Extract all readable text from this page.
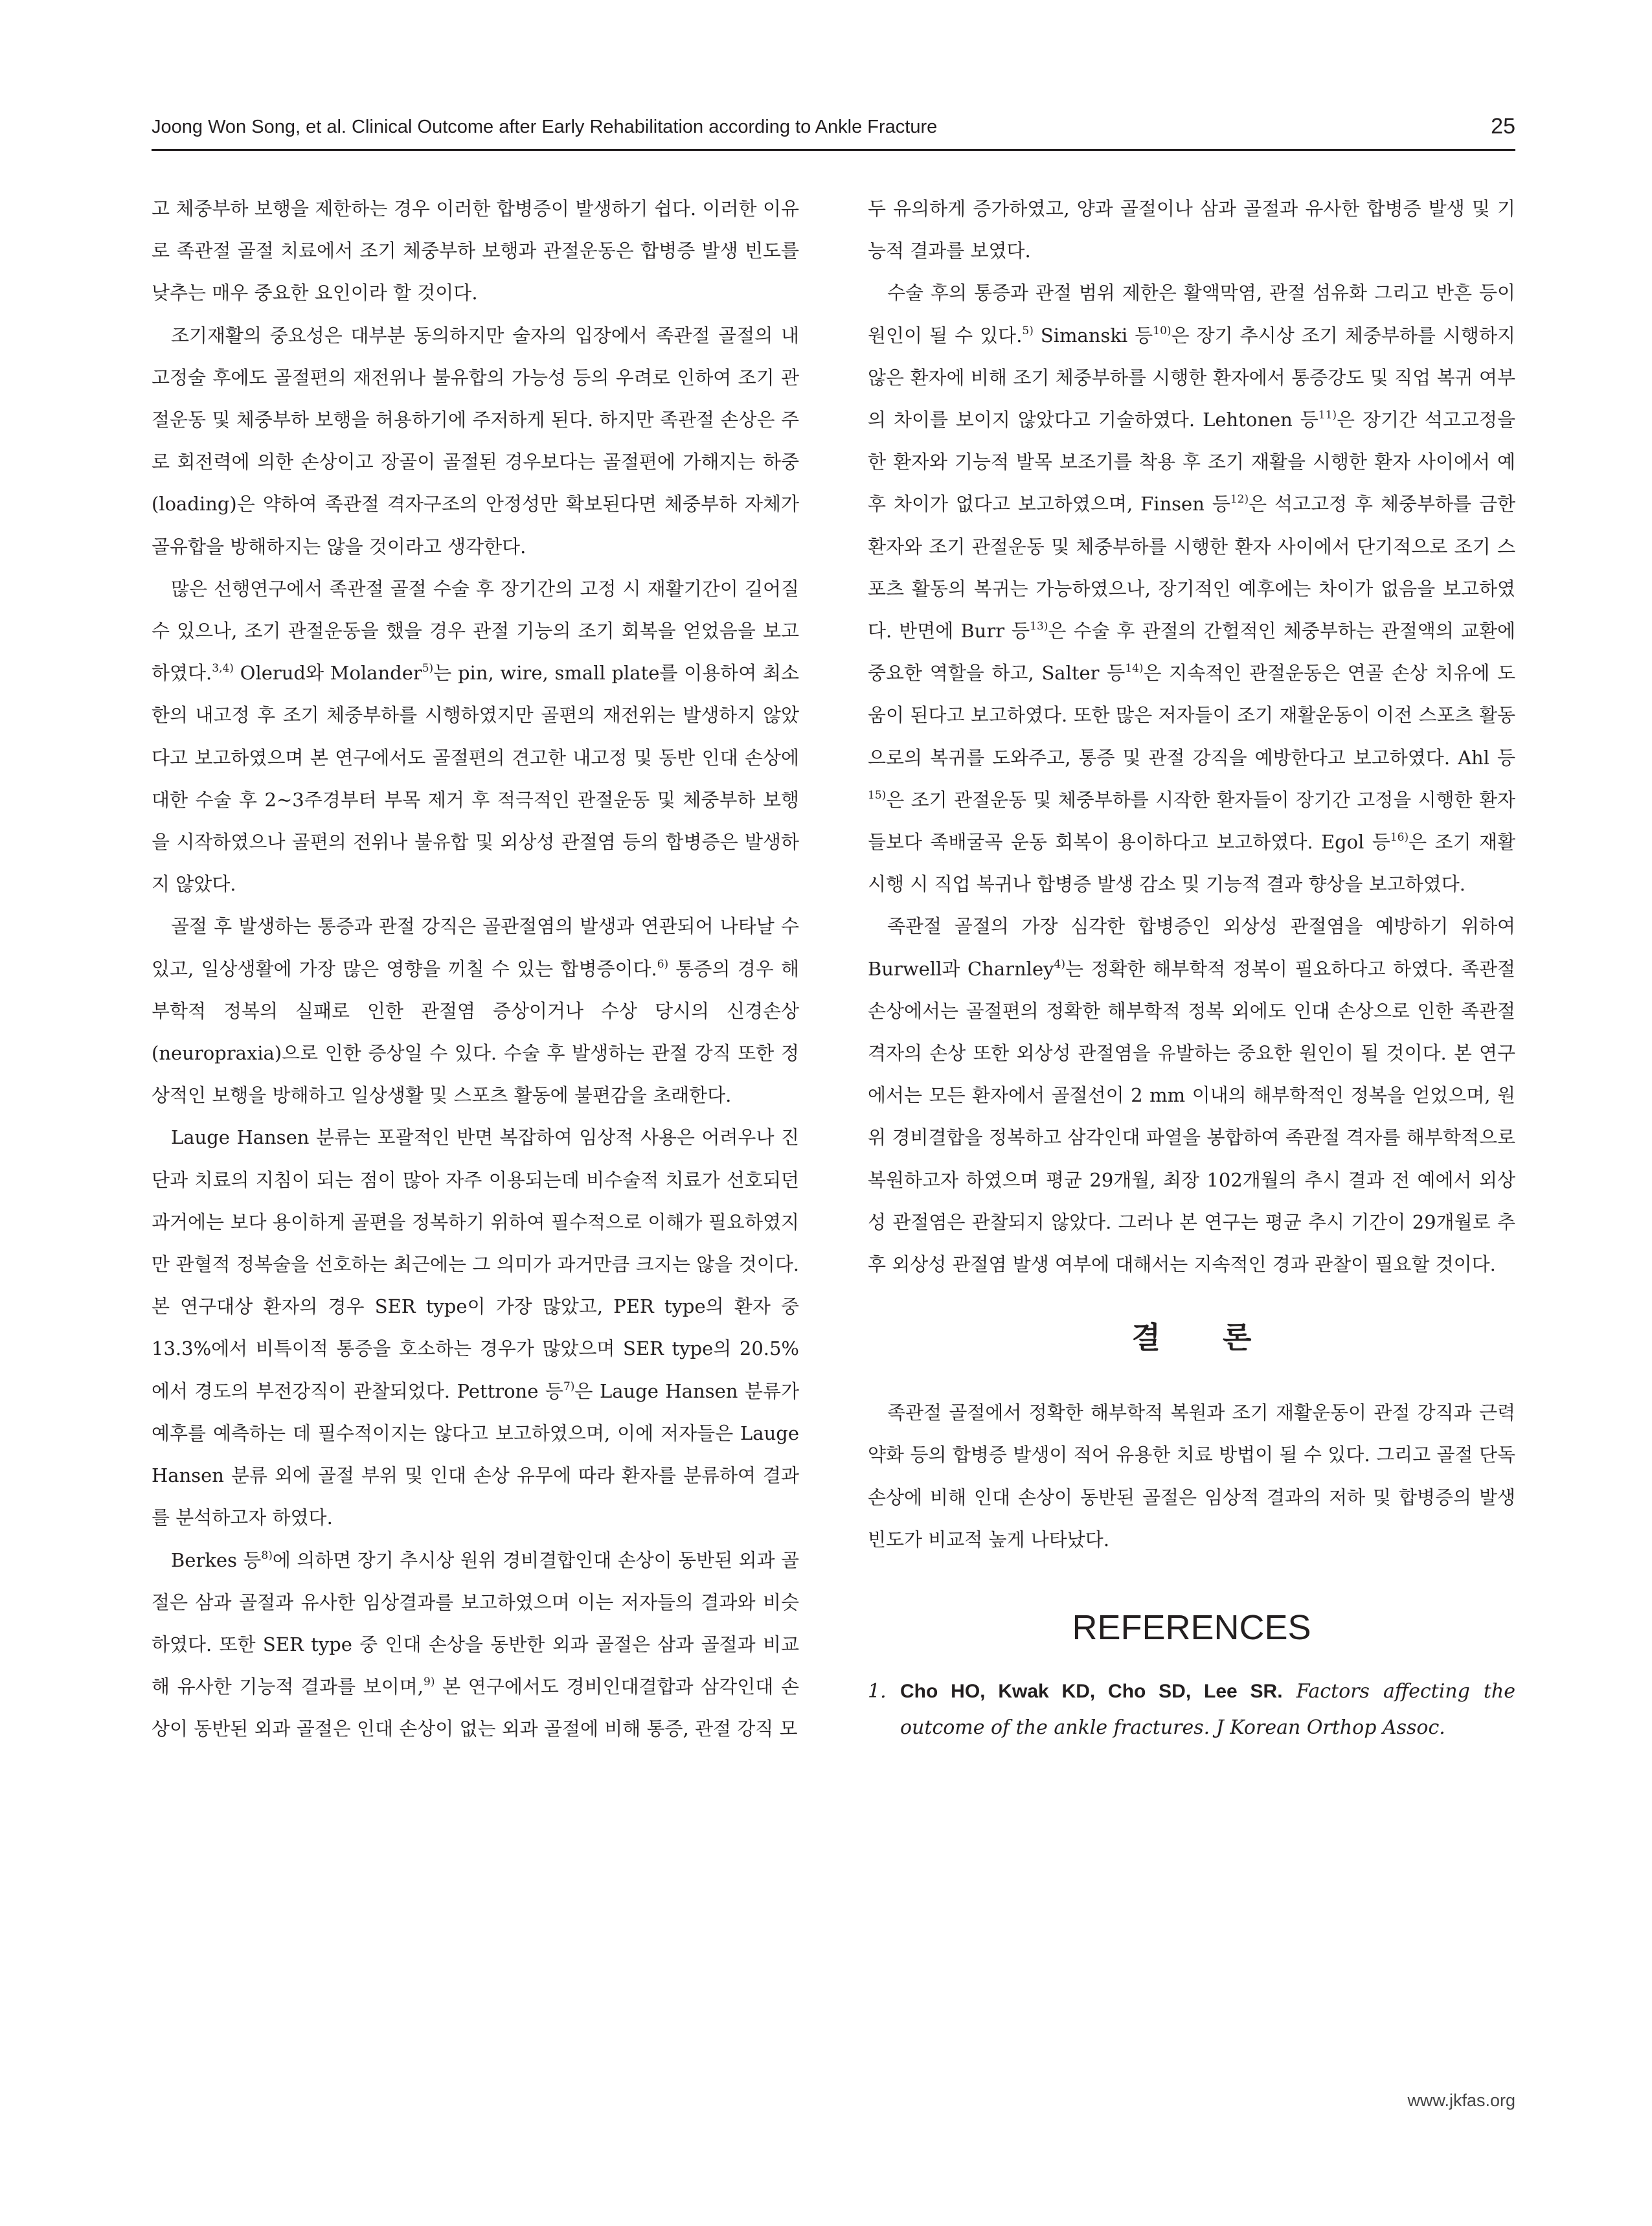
Joong Won Song, et al. Clinical Outcome after Early Rehabilitation according to Ankle Fracture	25

고 체중부하 보행을 제한하는 경우 이러한 합병증이 발생하기 쉽다. 이러한 이유로 족관절 골절 치료에서 조기 체중부하 보행과 관절운동은 합병증 발생 빈도를 낮추는 매우 중요한 요인이라 할 것이다.

조기재활의 중요성은 대부분 동의하지만 술자의 입장에서 족관절 골절의 내고정술 후에도 골절편의 재전위나 불유합의 가능성 등의 우려로 인하여 조기 관절운동 및 체중부하 보행을 허용하기에 주저하게 된다. 하지만 족관절 손상은 주로 회전력에 의한 손상이고 장골이 골절된 경우보다는 골절편에 가해지는 하중(loading)은 약하여 족관절 격자구조의 안정성만 확보된다면 체중부하 자체가 골유합을 방해하지는 않을 것이라고 생각한다.

많은 선행연구에서 족관절 골절 수술 후 장기간의 고정 시 재활기간이 길어질 수 있으나, 조기 관절운동을 했을 경우 관절 기능의 조기 회복을 얻었음을 보고하였다.$^{3,4)}$ Olerud와 Molander$^{5)}$는 pin, wire, small plate를 이용하여 최소한의 내고정 후 조기 체중부하를 시행하였지만 골편의 재전위는 발생하지 않았다고 보고하였으며 본 연구에서도 골절편의 견고한 내고정 및 동반 인대 손상에 대한 수술 후 2~3주경부터 부목 제거 후 적극적인 관절운동 및 체중부하 보행을 시작하였으나 골편의 전위나 불유합 및 외상성 관절염 등의 합병증은 발생하지 않았다.

골절 후 발생하는 통증과 관절 강직은 골관절염의 발생과 연관되어 나타날 수 있고, 일상생활에 가장 많은 영향을 끼칠 수 있는 합병증이다.$^{6)}$ 통증의 경우 해부학적 정복의 실패로 인한 관절염 증상이거나 수상 당시의 신경손상(neuropraxia)으로 인한 증상일 수 있다. 수술 후 발생하는 관절 강직 또한 정상적인 보행을 방해하고 일상생활 및 스포츠 활동에 불편감을 초래한다.

Lauge Hansen 분류는 포괄적인 반면 복잡하여 임상적 사용은 어려우나 진단과 치료의 지침이 되는 점이 많아 자주 이용되는데 비수술적 치료가 선호되던 과거에는 보다 용이하게 골편을 정복하기 위하여 필수적으로 이해가 필요하였지만 관혈적 정복술을 선호하는 최근에는 그 의미가 과거만큼 크지는 않을 것이다. 본 연구대상 환자의 경우 SER type이 가장 많았고, PER type의 환자 중 13.3%에서 비특이적 통증을 호소하는 경우가 많았으며 SER type의 20.5%에서 경도의 부전강직이 관찰되었다. Pettrone 등$^{7)}$은 Lauge Hansen 분류가 예후를 예측하는 데 필수적이지는 않다고 보고하였으며, 이에 저자들은 Lauge Hansen 분류 외에 골절 부위 및 인대 손상 유무에 따라 환자를 분류하여 결과를 분석하고자 하였다.

Berkes 등$^{8)}$에 의하면 장기 추시상 원위 경비결합인대 손상이 동반된 외과 골절은 삼과 골절과 유사한 임상결과를 보고하였으며 이는 저자들의 결과와 비슷하였다. 또한 SER type 중 인대 손상을 동반한 외과 골절은 삼과 골절과 비교해 유사한 기능적 결과를 보이며,$^{9)}$ 본 연구에서도 경비인대결합과 삼각인대 손상이 동반된 외과 골절은 인대 손상이 없는 외과 골절에 비해 통증, 관절 강직 모

두 유의하게 증가하였고, 양과 골절이나 삼과 골절과 유사한 합병증 발생 및 기능적 결과를 보였다.

수술 후의 통증과 관절 범위 제한은 활액막염, 관절 섬유화 그리고 반흔 등이 원인이 될 수 있다.$^{5)}$ Simanski 등$^{10)}$은 장기 추시상 조기 체중부하를 시행하지 않은 환자에 비해 조기 체중부하를 시행한 환자에서 통증강도 및 직업 복귀 여부의 차이를 보이지 않았다고 기술하였다. Lehtonen 등$^{11)}$은 장기간 석고고정을 한 환자와 기능적 발목 보조기를 착용 후 조기 재활을 시행한 환자 사이에서 예후 차이가 없다고 보고하였으며, Finsen 등$^{12)}$은 석고고정 후 체중부하를 금한 환자와 조기 관절운동 및 체중부하를 시행한 환자 사이에서 단기적으로 조기 스포츠 활동의 복귀는 가능하였으나, 장기적인 예후에는 차이가 없음을 보고하였다. 반면에 Burr 등$^{13)}$은 수술 후 관절의 간헐적인 체중부하는 관절액의 교환에 중요한 역할을 하고, Salter 등$^{14)}$은 지속적인 관절운동은 연골 손상 치유에 도움이 된다고 보고하였다. 또한 많은 저자들이 조기 재활운동이 이전 스포츠 활동으로의 복귀를 도와주고, 통증 및 관절 강직을 예방한다고 보고하였다. Ahl 등$^{15)}$은 조기 관절운동 및 체중부하를 시작한 환자들이 장기간 고정을 시행한 환자들보다 족배굴곡 운동 회복이 용이하다고 보고하였다. Egol 등$^{16)}$은 조기 재활 시행 시 직업 복귀나 합병증 발생 감소 및 기능적 결과 향상을 보고하였다.

족관절 골절의 가장 심각한 합병증인 외상성 관절염을 예방하기 위하여 Burwell과 Charnley$^{4)}$는 정확한 해부학적 정복이 필요하다고 하였다. 족관절 손상에서는 골절편의 정확한 해부학적 정복 외에도 인대 손상으로 인한 족관절 격자의 손상 또한 외상성 관절염을 유발하는 중요한 원인이 될 것이다. 본 연구에서는 모든 환자에서 골절선이 2 mm 이내의 해부학적인 정복을 얻었으며, 원위 경비결합을 정복하고 삼각인대 파열을 봉합하여 족관절 격자를 해부학적으로 복원하고자 하였으며 평균 29개월, 최장 102개월의 추시 결과 전 예에서 외상성 관절염은 관찰되지 않았다. 그러나 본 연구는 평균 추시 기간이 29개월로 추후 외상성 관절염 발생 여부에 대해서는 지속적인 경과 관찰이 필요할 것이다.

결 론

족관절 골절에서 정확한 해부학적 복원과 조기 재활운동이 관절 강직과 근력 약화 등의 합병증 발생이 적어 유용한 치료 방법이 될 수 있다. 그리고 골절 단독 손상에 비해 인대 손상이 동반된 골절은 임상적 결과의 저하 및 합병증의 발생 빈도가 비교적 높게 나타났다.

REFERENCES
1. Cho HO, Kwak KD, Cho SD, Lee SR. Factors affecting the outcome of the ankle fractures. J Korean Orthop Assoc.
www.jkfas.org
